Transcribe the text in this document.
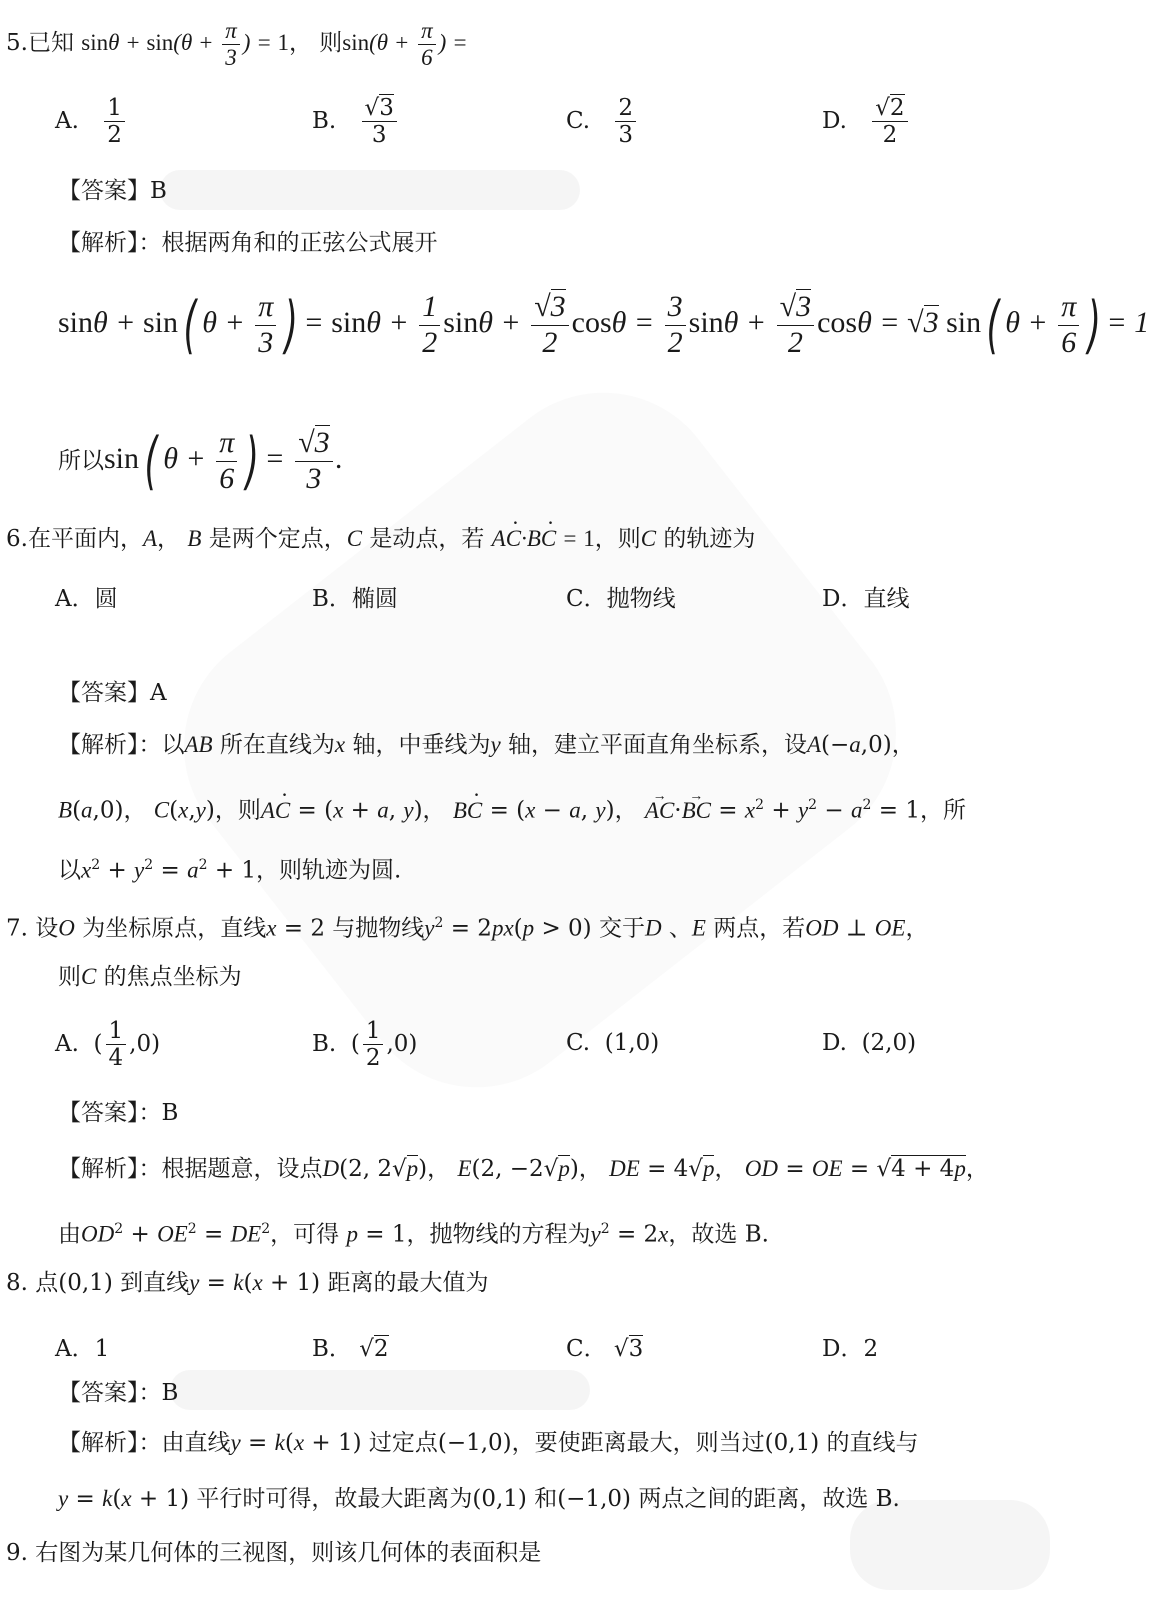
5.已知 $\sin\theta + \sin(\theta + \frac{\pi}{3}$ ) = 1， 则$\sin(\theta + \frac{\pi}{6}$ ) =
A. $\frac{1}{2}$	B. $\frac{√3}{3}$	C. $\frac{2}{3}$	D. $\frac{√2}{2}$
【答案】B
【解析】：根据两角和的正弦公式展开
sinθ + sin( $\theta + \frac{\pi}{3}$ ) = $\sin\theta + \frac{1}{2}$ $\sin\theta + \frac{√3}{2}$ $\cos\theta = \frac{3}{2}$ $\sin\theta + \frac{√3}{2}$ cosθ = √3 sin( $\theta + \frac{\pi}{6}$ ) = 1
所以sin( $\theta + \frac{\pi}{6}$ ) = $\frac{√3}{3}$ .
6.在平面内，A， B 是两个定点，C 是动点，若 · AC·· BC = 1，则C 的轨迹为
A．圆	B．椭圆	C．抛物线	D．直线
【答案】A
【解析】：以AB 所在直线为x 轴，中垂线为y 轴，建立平面直角坐标系，设A(−a,0)，
B(a,0)， C(x,y)，则· AC = (x + a, y)， · BC = (x − a, y)， → AC·→ BC = $x^2 + y^2 - a^2 = 1$，所
以$x^2 + y^2 = a^2 + 1$，则轨迹为圆.
7. 设O 为坐标原点，直线x = 2 与抛物线$y^2 = 2px(p > 0)$ 交于D 、E 两点，若OD ⊥ OE，
则C 的焦点坐标为
A.  ( $\frac{1}{4} ,0$)	B.  ( $\frac{1}{2} ,0$)	C. (1,0)	D. (2,0)
【答案】：B
【解析】：根据题意，设点D(2, 2√p)， E(2, −2√p)， DE = 4√p， OD = OE = √4 + 4p，
由$OD^2 + OE^2 = DE^2$，可得 p = 1，抛物线的方程为$y^2 = 2x$，故选 B.
8. 点(0,1) 到直线y = k(x + 1) 距离的最大值为
A．1	B． √2	C． √3	D．2
【答案】：B
【解析】：由直线y = k(x + 1) 过定点(−1,0)，要使距离最大，则当过(0,1) 的直线与
y = k(x + 1) 平行时可得，故最大距离为(0,1) 和(−1,0) 两点之间的距离，故选 B.
9. 右图为某几何体的三视图，则该几何体的表面积是
